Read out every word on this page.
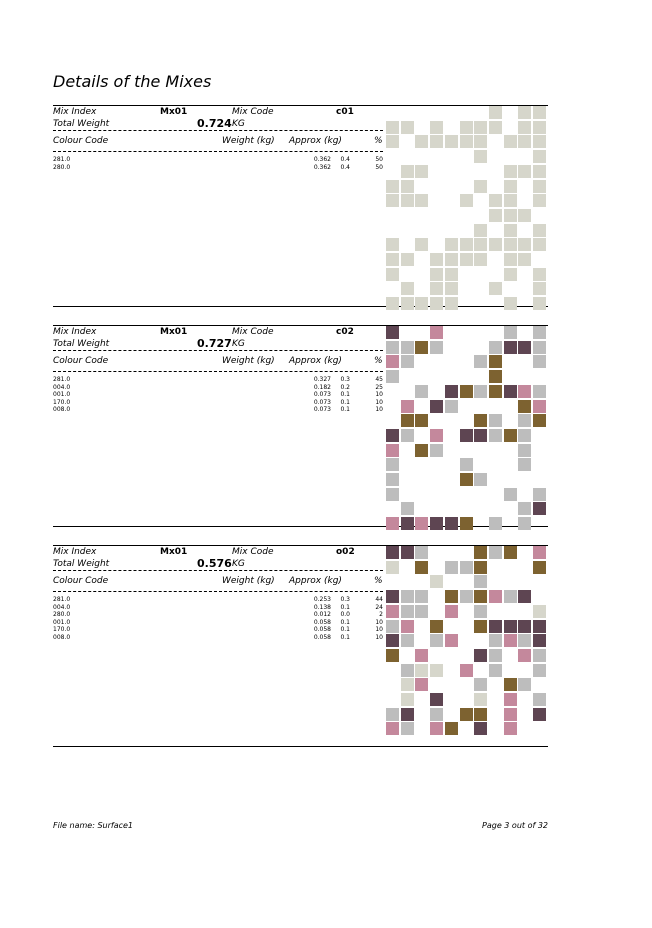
Details of the Mixes
Mix Index	Mx01	Mix Code	c01
Total Weight	0.724 KG
Colour Code	Weight (kg) Approx (kg)	%
281.0	0.362 0.4	50
280.0	0.362 0.4	50
Mix Index	Mx01	Mix Code	c02
Total Weight	0.727 KG
Colour Code	Weight (kg) Approx (kg)	%
281.0	0.327 0.3	45
004.0	0.182 0.2	25
001.0	0.073 0.1	10
170.0	0.073 0.1	10
008.0	0.073 0.1	10
Mix Index	Mx01	Mix Code	o02
Total Weight	0.576 KG
Colour Code	Weight (kg) Approx (kg)	%
281.0	0.253 0.3	44
004.0	0.138 0.1	24
280.0	0.012 0.0	2
001.0	0.058 0.1	10
170.0	0.058 0.1	10
008.0	0.058 0.1	10
File name: Surface1	Page 3 out of 32
